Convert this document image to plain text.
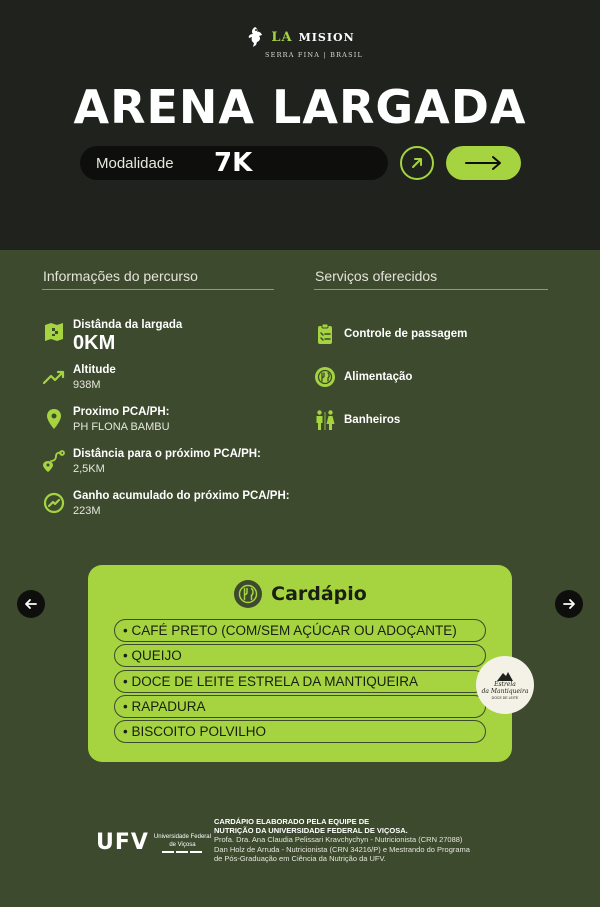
LA MISION
SERRA FINA | BRASIL
ARENA LARGADA
Modalidade	7K
Informações do percurso	Serviços oferecidos
Distânda da largada
0KM
Altitude
938M
Proximo PCA/PH:
PH FLONA BAMBU
Distância para o próximo PCA/PH:
2,5KM
Ganho acumulado do próximo PCA/PH:
223M
Controle de passagem
Alimentação
Banheiros
Cardápio
• CAFÉ PRETO (COM/SEM AÇÚCAR OU ADOÇANTE)
• QUEIJO
• DOCE DE LEITE ESTRELA DA MANTIQUEIRA
• RAPADURA
• BISCOITO POLVILHO
Estrela
da Mantiqueira
DOCE DE LEITE
UFV Universidade Federal
de Viçosa
CARDÁPIO ELABORADO PELA EQUIPE DE
NUTRIÇÃO DA UNIVERSIDADE FEDERAL DE VIÇOSA.
Profa. Dra. Ana Claudia Pelissari Kravchychyn - Nutricionista (CRN 27088)
Dan Holz de Arruda - Nutricionista (CRN 34216/P) e Mestrando do Programa
de Pós-Graduação em Ciência da Nutrição da UFV.
